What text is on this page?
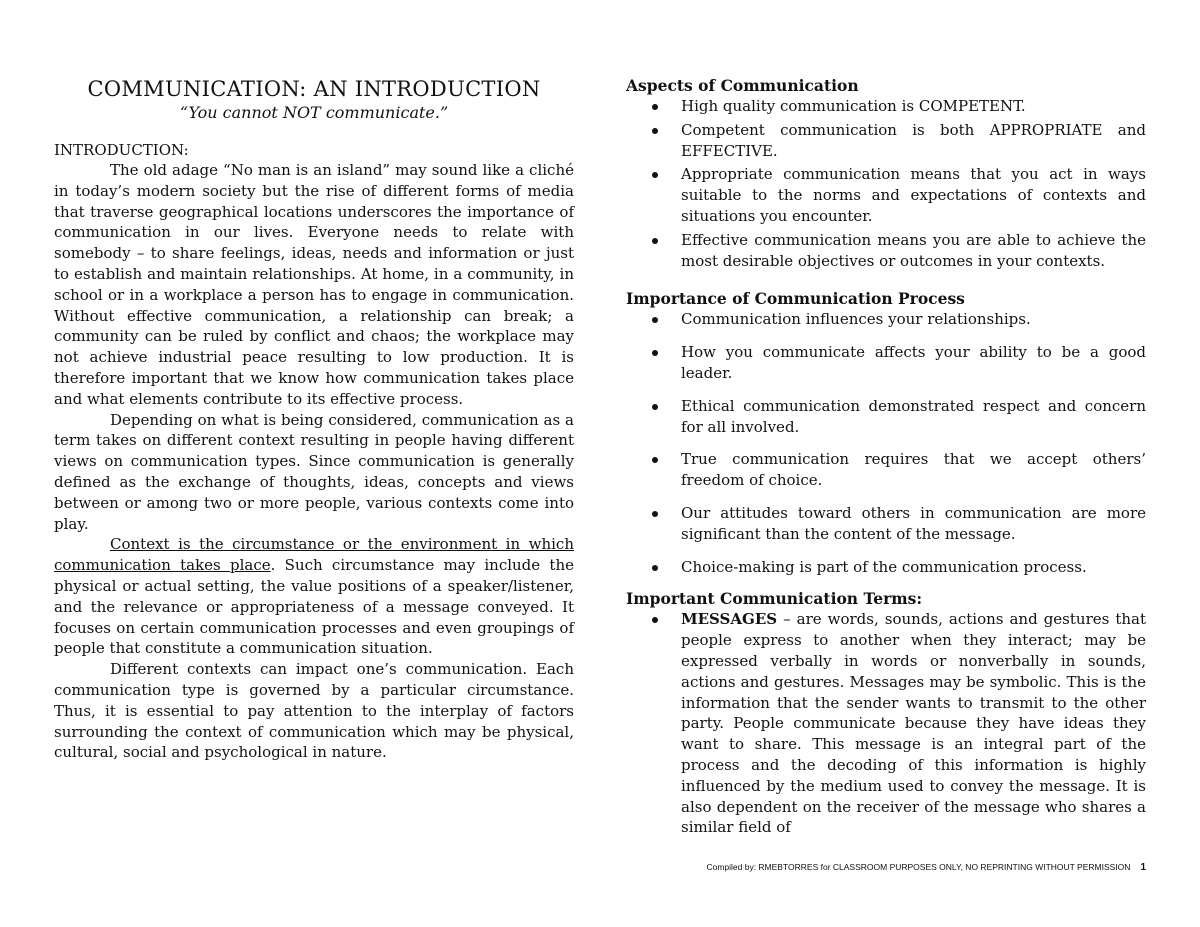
COMMUNICATION: AN INTRODUCTION

“You cannot NOT communicate.”

INTRODUCTION:

The old adage “No man is an island” may sound like a cliché in today’s modern society but the rise of different forms of media that traverse geographical locations underscores the importance of communication in our lives. Everyone needs to relate with somebody – to share feelings, ideas, needs and information or just to establish and maintain relationships. At home, in a community, in school or in a workplace a person has to engage in communication. Without effective communication, a relationship can break; a community can be ruled by conflict and chaos; the workplace may not achieve industrial peace resulting to low production. It is therefore important that we know how communication takes place and what elements contribute to its effective process.

Depending on what is being considered, communication as a term takes on different context resulting in people having different views on communication types. Since communication is generally defined as the exchange of thoughts, ideas, concepts and views between or among two or more people, various contexts come into play.

Context is the circumstance or the environment in which communication takes place. Such circumstance may include the physical or actual setting, the value positions of a speaker/listener, and the relevance or appropriateness of a message conveyed. It focuses on certain communication processes and even groupings of people that constitute a communication situation.

Different contexts can impact one’s communication. Each communication type is governed by a particular circumstance. Thus, it is essential to pay attention to the interplay of factors surrounding the context of communication which may be physical, cultural, social and psychological in nature.

Aspects of Communication

High quality communication is COMPETENT.
Competent communication is both APPROPRIATE and EFFECTIVE.
Appropriate communication means that you act in ways suitable to the norms and expectations of contexts and situations you encounter.
Effective communication means you are able to achieve the most desirable objectives or outcomes in your contexts.

Importance of Communication Process

Communication influences your relationships.
How you communicate affects your ability to be a good leader.
Ethical communication demonstrated respect and concern for all involved.
True communication requires that we accept others’ freedom of choice.
Our attitudes toward others in communication are more significant than the content of the message.
Choice-making is part of the communication process.

Important Communication Terms:

MESSAGES – are words, sounds, actions and gestures that people express to another when they interact; may be expressed verbally in words or nonverbally in sounds, actions and gestures. Messages may be symbolic. This is the information that the sender wants to transmit to the other party. People communicate because they have ideas they want to share. This message is an integral part of the process and the decoding of this information is highly influenced by the medium used to convey the message. It is also dependent on the receiver of the message who shares a similar field of
Compiled by: RMEBTORRES for CLASSROOM PURPOSES ONLY, NO REPRINTING WITHOUT PERMISSION 1
